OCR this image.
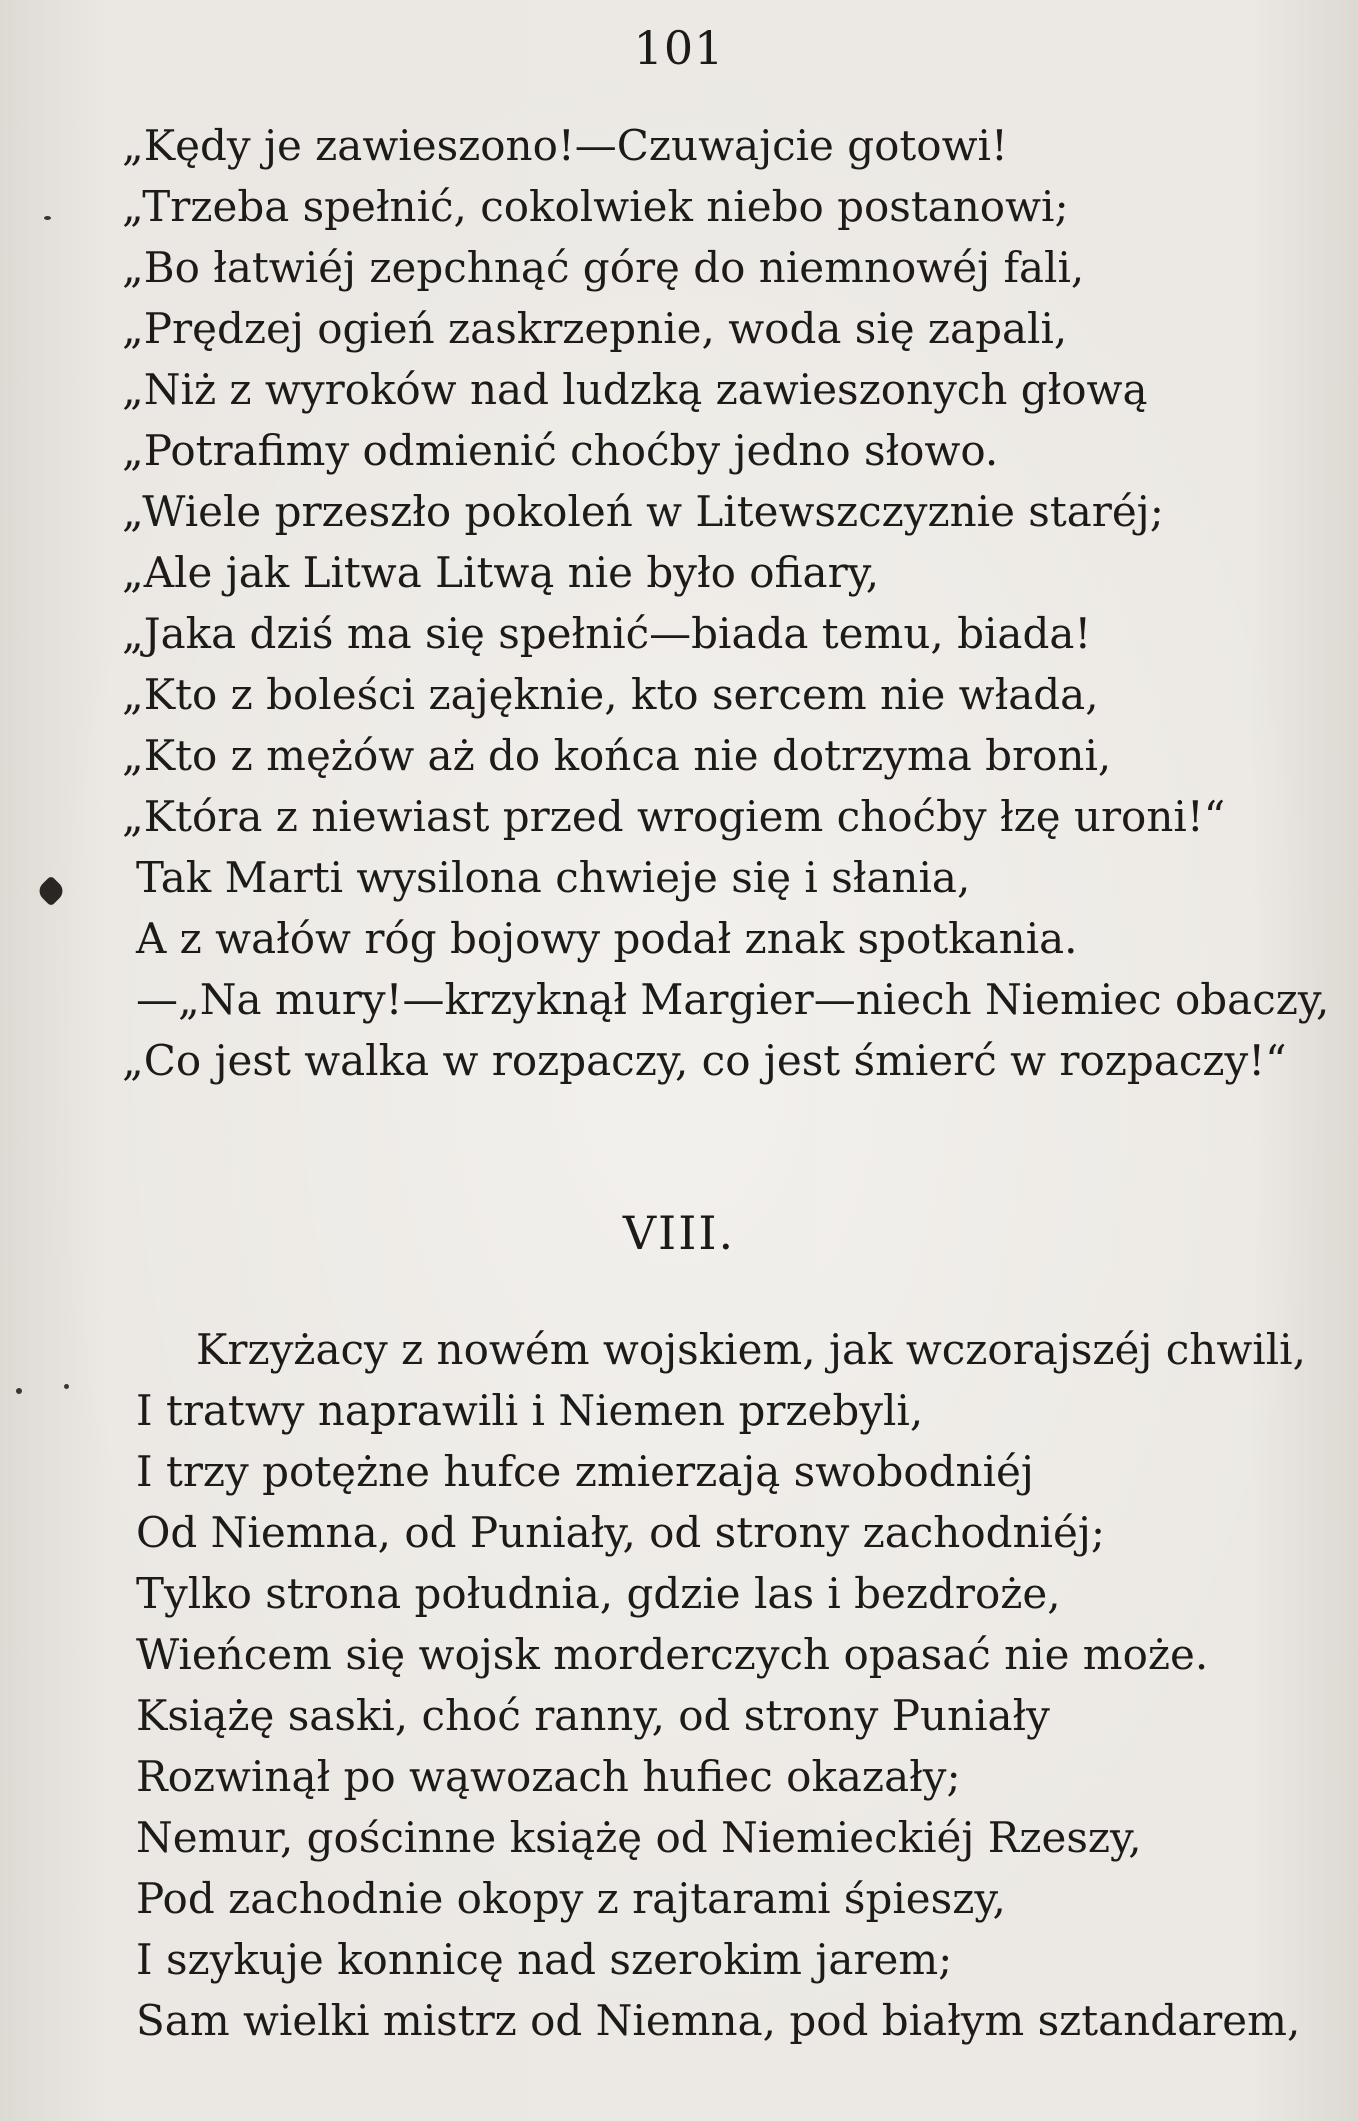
101
„Kędy je zawieszono!—Czuwajcie gotowi!
„Trzeba spełnić, cokolwiek niebo postanowi;
„Bo łatwiéj zepchnąć górę do niemnowéj fali,
„Prędzej ogień zaskrzepnie, woda się zapali,
„Niż z wyroków nad ludzką zawieszonych głową
„Potrafimy odmienić choćby jedno słowo.
„Wiele przeszło pokoleń w Litewszczyznie staréj;
„Ale jak Litwa Litwą nie było ofiary,
„Jaka dziś ma się spełnić—biada temu, biada!
„Kto z boleści zajęknie, kto sercem nie włada,
„Kto z mężów aż do końca nie dotrzyma broni,
„Która z niewiast przed wrogiem choćby łzę uroni!“
Tak Marti wysilona chwieje się i słania,
A z wałów róg bojowy podał znak spotkania.
—„Na mury!—krzyknął Margier—niech Niemiec obaczy,
„Co jest walka w rozpaczy, co jest śmierć w rozpaczy!“
VIII.
Krzyżacy z nowém wojskiem, jak wczorajszéj chwili,
I tratwy naprawili i Niemen przebyli,
I trzy potężne hufce zmierzają swobodniéj
Od Niemna, od Puniały, od strony zachodniéj;
Tylko strona południa, gdzie las i bezdroże,
Wieńcem się wojsk morderczych opasać nie może.
Książę saski, choć ranny, od strony Puniały
Rozwinął po wąwozach hufiec okazały;
Nemur, gościnne książę od Niemieckiéj Rzeszy,
Pod zachodnie okopy z rajtarami śpieszy,
I szykuje konnicę nad szerokim jarem;
Sam wielki mistrz od Niemna, pod białym sztandarem,
